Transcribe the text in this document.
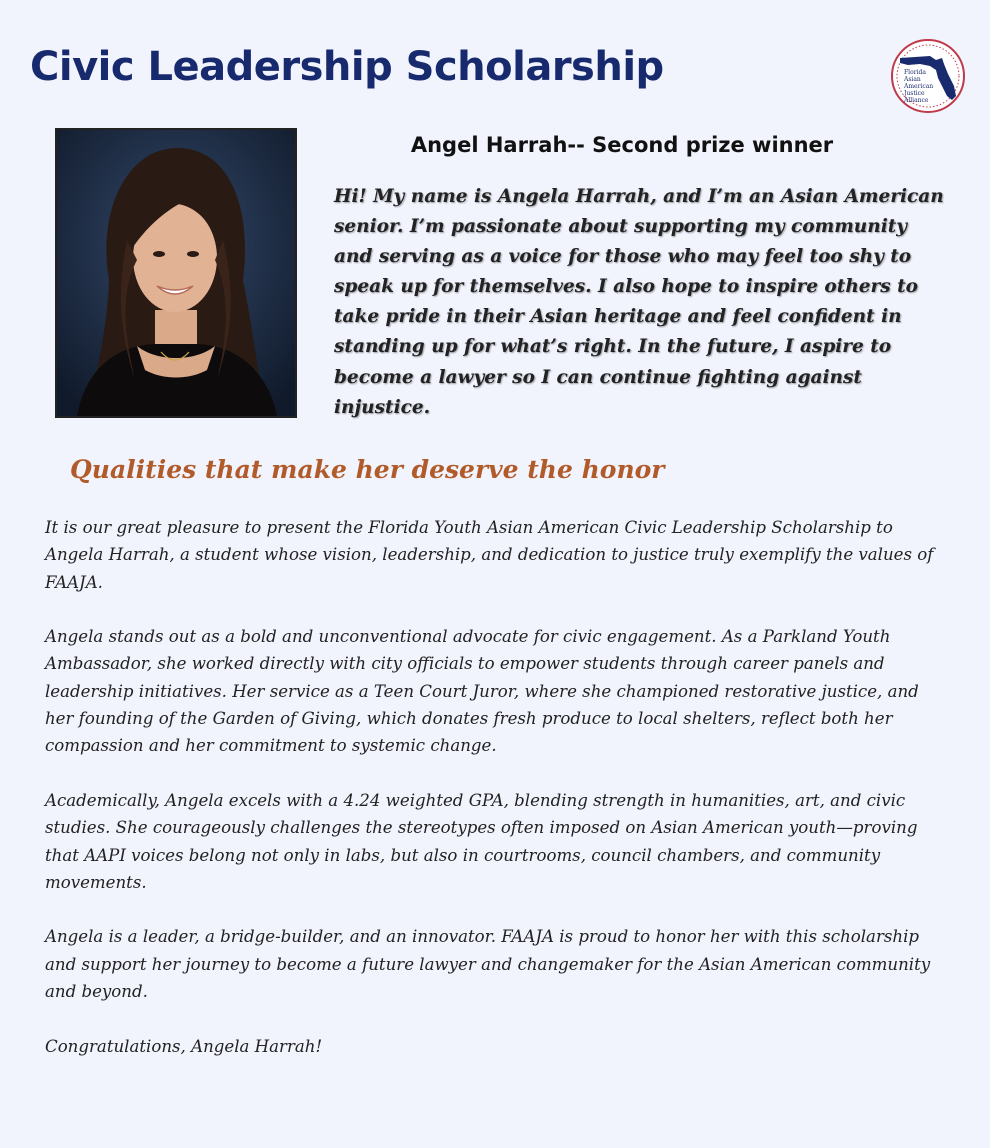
Civic Leadership Scholarship	Florida
Asian
American
Justice
Alliance
Angel Harrah-- Second prize winner

Hi! My name is Angela Harrah, and I’m an Asian American senior. I’m passionate about supporting my community and serving as a voice for those who may feel too shy to speak up for themselves. I also hope to inspire others to take pride in their Asian heritage and feel confident in standing up for what’s right. In the future, I aspire to become a lawyer so I can continue fighting against injustice.

Qualities that make her deserve the honor

It is our great pleasure to present the Florida Youth Asian American Civic Leadership Scholarship to Angela Harrah, a student whose vision, leadership, and dedication to justice truly exemplify the values of FAAJA.

Angela stands out as a bold and unconventional advocate for civic engagement. As a Parkland Youth Ambassador, she worked directly with city officials to empower students through career panels and leadership initiatives. Her service as a Teen Court Juror, where she championed restorative justice, and her founding of the Garden of Giving, which donates fresh produce to local shelters, reflect both her compassion and her commitment to systemic change.

Academically, Angela excels with a 4.24 weighted GPA, blending strength in humanities, art, and civic studies. She courageously challenges the stereotypes often imposed on Asian American youth—proving that AAPI voices belong not only in labs, but also in courtrooms, council chambers, and community movements.

Angela is a leader, a bridge-builder, and an innovator. FAAJA is proud to honor her with this scholarship and support her journey to become a future lawyer and changemaker for the Asian American community and beyond.

Congratulations, Angela Harrah!
